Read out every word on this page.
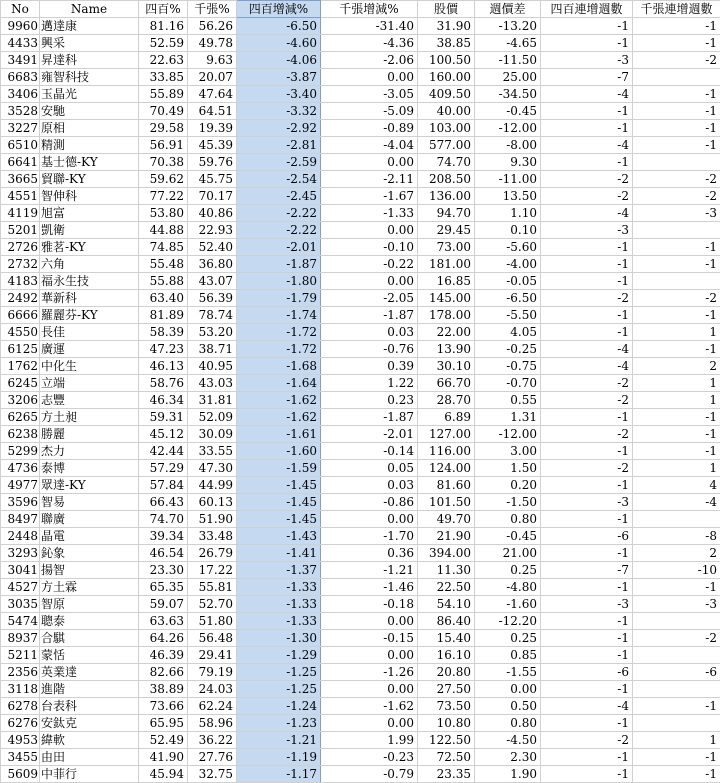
No	Name	四百%	千張%	四百增減%	千張增減%	股價	週價差	四百連增週數	千張連增週數
9960	邁達康	81.16	56.26	-6.50	-31.40	31.90	-13.20	-1	-1
4433	興采	52.59	49.78	-4.60	-4.36	38.85	-4.65	-1	-1
3491	昇達科	22.63	9.63	-4.06	-2.06	100.50	-11.50	-3	-2
6683	雍智科技	33.85	20.07	-3.87	0.00	160.00	25.00	-7	
3406	玉晶光	55.89	47.64	-3.40	-3.05	409.50	-34.50	-4	-1
3528	安馳	70.49	64.51	-3.32	-5.09	40.00	-0.45	-1	-1
3227	原相	29.58	19.39	-2.92	-0.89	103.00	-12.00	-1	-1
6510	精測	56.91	45.39	-2.81	-4.04	577.00	-8.00	-4	-1
6641	基士德-KY	70.38	59.76	-2.59	0.00	74.70	9.30	-1	
3665	貿聯-KY	59.62	45.75	-2.54	-2.11	208.50	-11.00	-2	-2
4551	智伸科	77.22	70.17	-2.45	-1.67	136.00	13.50	-2	-2
4119	旭富	53.80	40.86	-2.22	-1.33	94.70	1.10	-4	-3
5201	凱衛	44.88	22.93	-2.22	0.00	29.45	0.10	-3	
2726	雅茗-KY	74.85	52.40	-2.01	-0.10	73.00	-5.60	-1	-1
2732	六角	55.48	36.80	-1.87	-0.22	181.00	-4.00	-1	-1
4183	福永生技	55.88	43.07	-1.80	0.00	16.85	-0.05	-1	
2492	華新科	63.40	56.39	-1.79	-2.05	145.00	-6.50	-2	-2
6666	羅麗芬-KY	81.89	78.74	-1.74	-1.87	178.00	-5.50	-1	-1
4550	長佳	58.39	53.20	-1.72	0.03	22.00	4.05	-1	1
6125	廣運	47.23	38.71	-1.72	-0.76	13.90	-0.25	-4	-1
1762	中化生	46.13	40.95	-1.68	0.39	30.10	-0.75	-4	2
6245	立端	58.76	43.03	-1.64	1.22	66.70	-0.70	-2	1
3206	志豐	46.34	31.81	-1.62	0.23	28.70	0.55	-2	1
6265	方土昶	59.31	52.09	-1.62	-1.87	6.89	1.31	-1	-1
6238	勝麗	45.12	30.09	-1.61	-2.01	127.00	-12.00	-2	-1
5299	杰力	42.44	33.55	-1.60	-0.14	116.00	3.00	-1	-1
4736	泰博	57.29	47.30	-1.59	0.05	124.00	1.50	-2	1
4977	眾達-KY	57.84	44.99	-1.45	0.03	81.60	0.20	-1	4
3596	智易	66.43	60.13	-1.45	-0.86	101.50	-1.50	-3	-4
8497	聯廣	74.70	51.90	-1.45	0.00	49.70	0.80	-1	
2448	晶電	39.34	33.48	-1.43	-1.70	21.90	-0.45	-6	-8
3293	鈊象	46.54	26.79	-1.41	0.36	394.00	21.00	-1	2
3041	揚智	23.30	17.22	-1.37	-1.21	11.30	0.25	-7	-10
4527	方土霖	65.35	55.81	-1.33	-1.46	22.50	-4.80	-1	-1
3035	智原	59.07	52.70	-1.33	-0.18	54.10	-1.60	-3	-3
5474	聰泰	63.63	51.80	-1.33	0.00	86.40	-12.20	-1	
8937	合騏	64.26	56.48	-1.30	-0.15	15.40	0.25	-1	-2
5211	蒙恬	46.39	29.41	-1.29	0.00	16.10	0.85	-1	
2356	英業達	82.66	79.19	-1.25	-1.26	20.80	-1.55	-6	-6
3118	進階	38.89	24.03	-1.25	0.00	27.50	0.00	-1	
6278	台表科	73.66	62.24	-1.24	-1.62	73.50	0.50	-4	-1
6276	安鈦克	65.95	58.96	-1.23	0.00	10.80	0.80	-1	
4953	緯軟	52.49	36.22	-1.21	1.99	122.50	-4.50	-2	1
3455	由田	41.90	27.76	-1.19	-0.23	72.50	2.30	-1	-1
5609	中菲行	45.94	32.75	-1.17	-0.79	23.35	1.90	-1	-1
